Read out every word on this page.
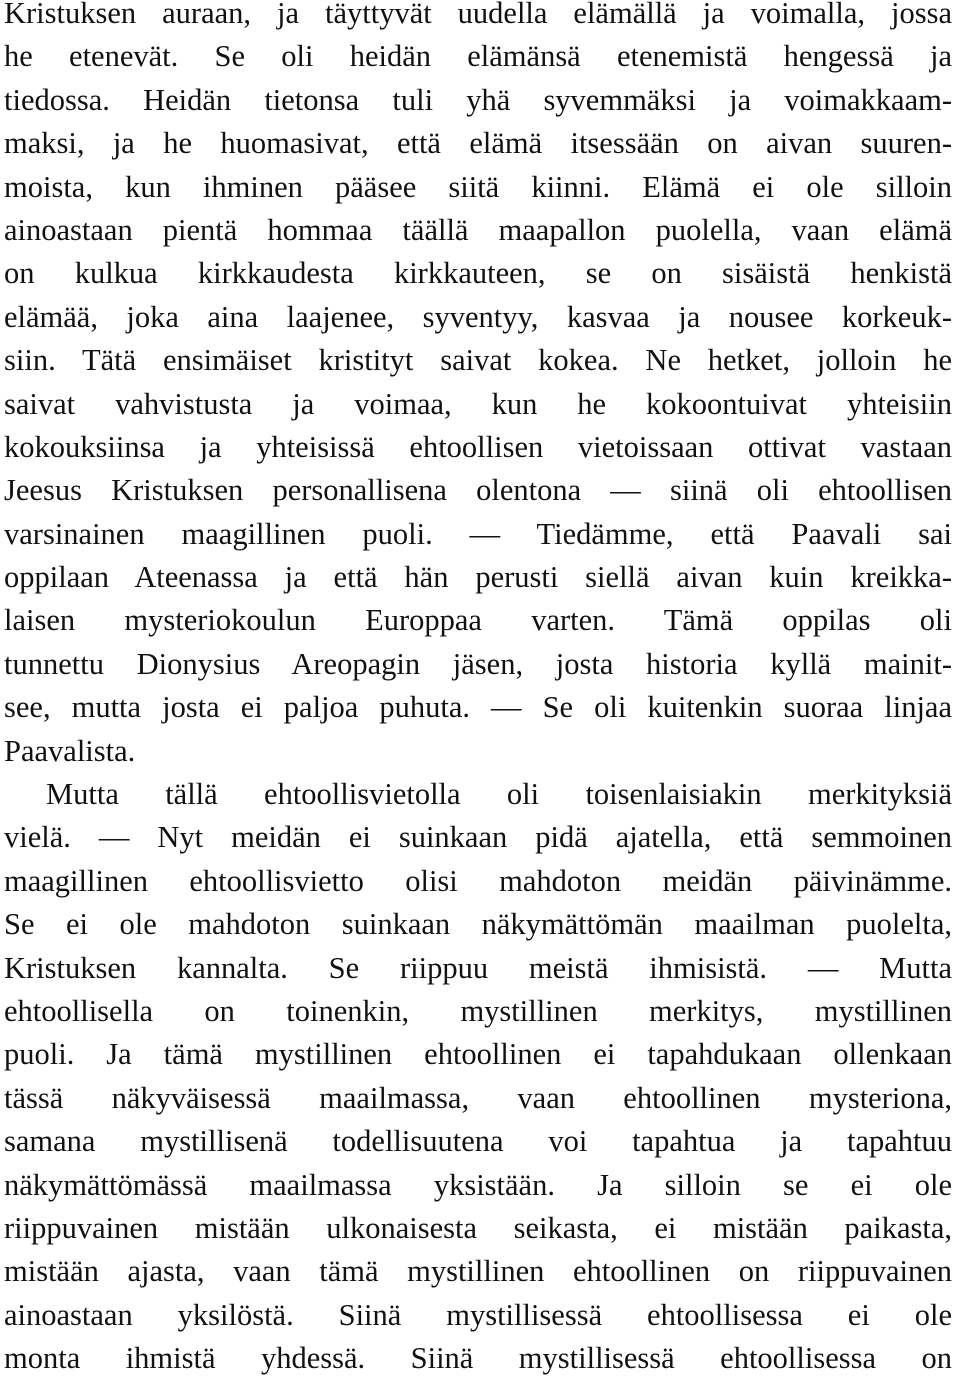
Kristuksen auraan, ja täyttyvät uudella elämällä ja voimalla, jossa
he etenevät. Se oli heidän elämänsä etenemistä hengessä ja
tiedossa. Heidän tietonsa tuli yhä syvemmäksi ja voimakkaam-
maksi, ja he huomasivat, että elämä itsessään on aivan suuren-
moista, kun ihminen pääsee siitä kiinni. Elämä ei ole silloin
ainoastaan pientä hommaa täällä maapallon puolella, vaan elämä
on kulkua kirkkaudesta kirkkauteen, se on sisäistä henkistä
elämää, joka aina laajenee, syventyy, kasvaa ja nousee korkeuk-
siin. Tätä ensimäiset kristityt saivat kokea. Ne hetket, jolloin he
saivat vahvistusta ja voimaa, kun he kokoontuivat yhteisiin
kokouksiinsa ja yhteisissä ehtoollisen vietoissaan ottivat vastaan
Jeesus Kristuksen personallisena olentona — siinä oli ehtoollisen
varsinainen maagillinen puoli. — Tiedämme, että Paavali sai
oppilaan Ateenassa ja että hän perusti siellä aivan kuin kreikka-
laisen mysteriokoulun Europpaa varten. Tämä oppilas oli
tunnettu Dionysius Areopagin jäsen, josta historia kyllä mainit-
see, mutta josta ei paljoa puhuta. — Se oli kuitenkin suoraa linjaa
Paavalista.
Mutta tällä ehtoollisvietolla oli toisenlaisiakin merkityksiä
vielä. — Nyt meidän ei suinkaan pidä ajatella, että semmoinen
maagillinen ehtoollisvietto olisi mahdoton meidän päivinämme.
Se ei ole mahdoton suinkaan näkymättömän maailman puolelta,
Kristuksen kannalta. Se riippuu meistä ihmisistä. — Mutta
ehtoollisella on toinenkin, mystillinen merkitys, mystillinen
puoli. Ja tämä mystillinen ehtoollinen ei tapahdukaan ollenkaan
tässä näkyväisessä maailmassa, vaan ehtoollinen mysteriona,
samana mystillisenä todellisuutena voi tapahtua ja tapahtuu
näkymättömässä maailmassa yksistään. Ja silloin se ei ole
riippuvainen mistään ulkonaisesta seikasta, ei mistään paikasta,
mistään ajasta, vaan tämä mystillinen ehtoollinen on riippuvainen
ainoastaan yksilöstä. Siinä mystillisessä ehtoollisessa ei ole
monta ihmistä yhdessä. Siinä mystillisessä ehtoollisessa on
